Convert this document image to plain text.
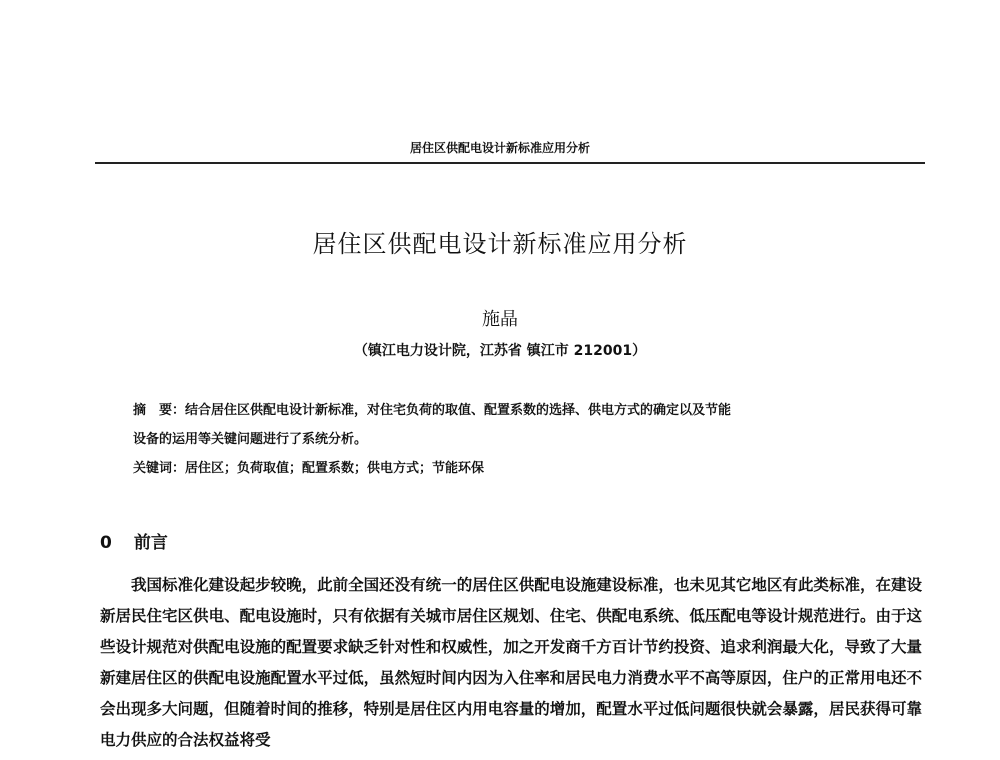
居住区供配电设计新标准应用分析
居住区供配电设计新标准应用分析
施晶
（镇江电力设计院，江苏省 镇江市 212001）
摘　要：结合居住区供配电设计新标准，对住宅负荷的取值、配置系数的选择、供电方式的确定以及节能
设备的运用等关键问题进行了系统分析。
关键词：居住区；负荷取值；配置系数；供电方式；节能环保
0 前言
我国标准化建设起步较晚，此前全国还没有统一的居住区供配电设施建设标准，也未见其它地区有此类标准，在建设新居民住宅区供电、配电设施时，只有依据有关城市居住区规划、住宅、供配电系统、低压配电等设计规范进行。由于这些设计规范对供配电设施的配置要求缺乏针对性和权威性，加之开发商千方百计节约投资、追求利润最大化，导致了大量新建居住区的供配电设施配置水平过低，虽然短时间内因为入住率和居民电力消费水平不高等原因，住户的正常用电还不会出现多大问题，但随着时间的推移，特别是居住区内用电容量的增加，配置水平过低问题很快就会暴露，居民获得可靠电力供应的合法权益将受
